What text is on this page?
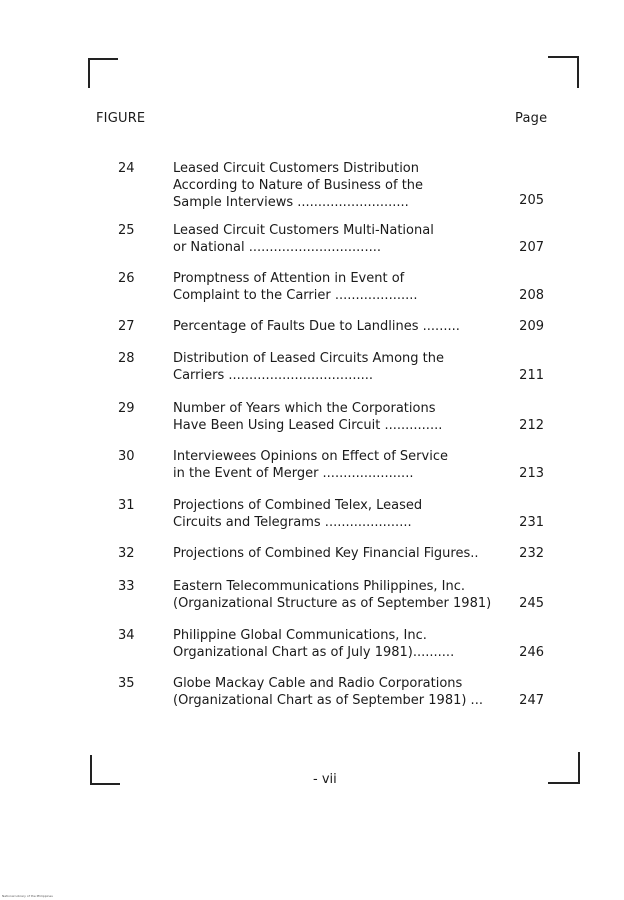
FIGURE	Page
24	Leased Circuit Customers Distribution
According to Nature of Business of the
Sample Interviews ...........................	205
25	Leased Circuit Customers Multi-National
or National ................................	207
26	Promptness of Attention in Event of
Complaint to the Carrier ....................	208
27	Percentage of Faults Due to Landlines .........	209
28	Distribution of Leased Circuits Among the
Carriers ...................................	211
29	Number of Years which the Corporations
Have Been Using Leased Circuit ..............	212
30	Interviewees Opinions on Effect of Service
in the Event of Merger ......................	213
31	Projections of Combined Telex, Leased
Circuits and Telegrams .....................	231
32	Projections of Combined Key Financial Figures..	232
33	Eastern Telecommunications Philippines, Inc.
(Organizational Structure as of September 1981) 245
34	Philippine Global Communications, Inc.
Organizational Chart as of July 1981)..........	246
35	Globe Mackay Cable and Radio Corporations
(Organizational Chart as of September 1981) ...	247
- vii
National Library of the Philippines
